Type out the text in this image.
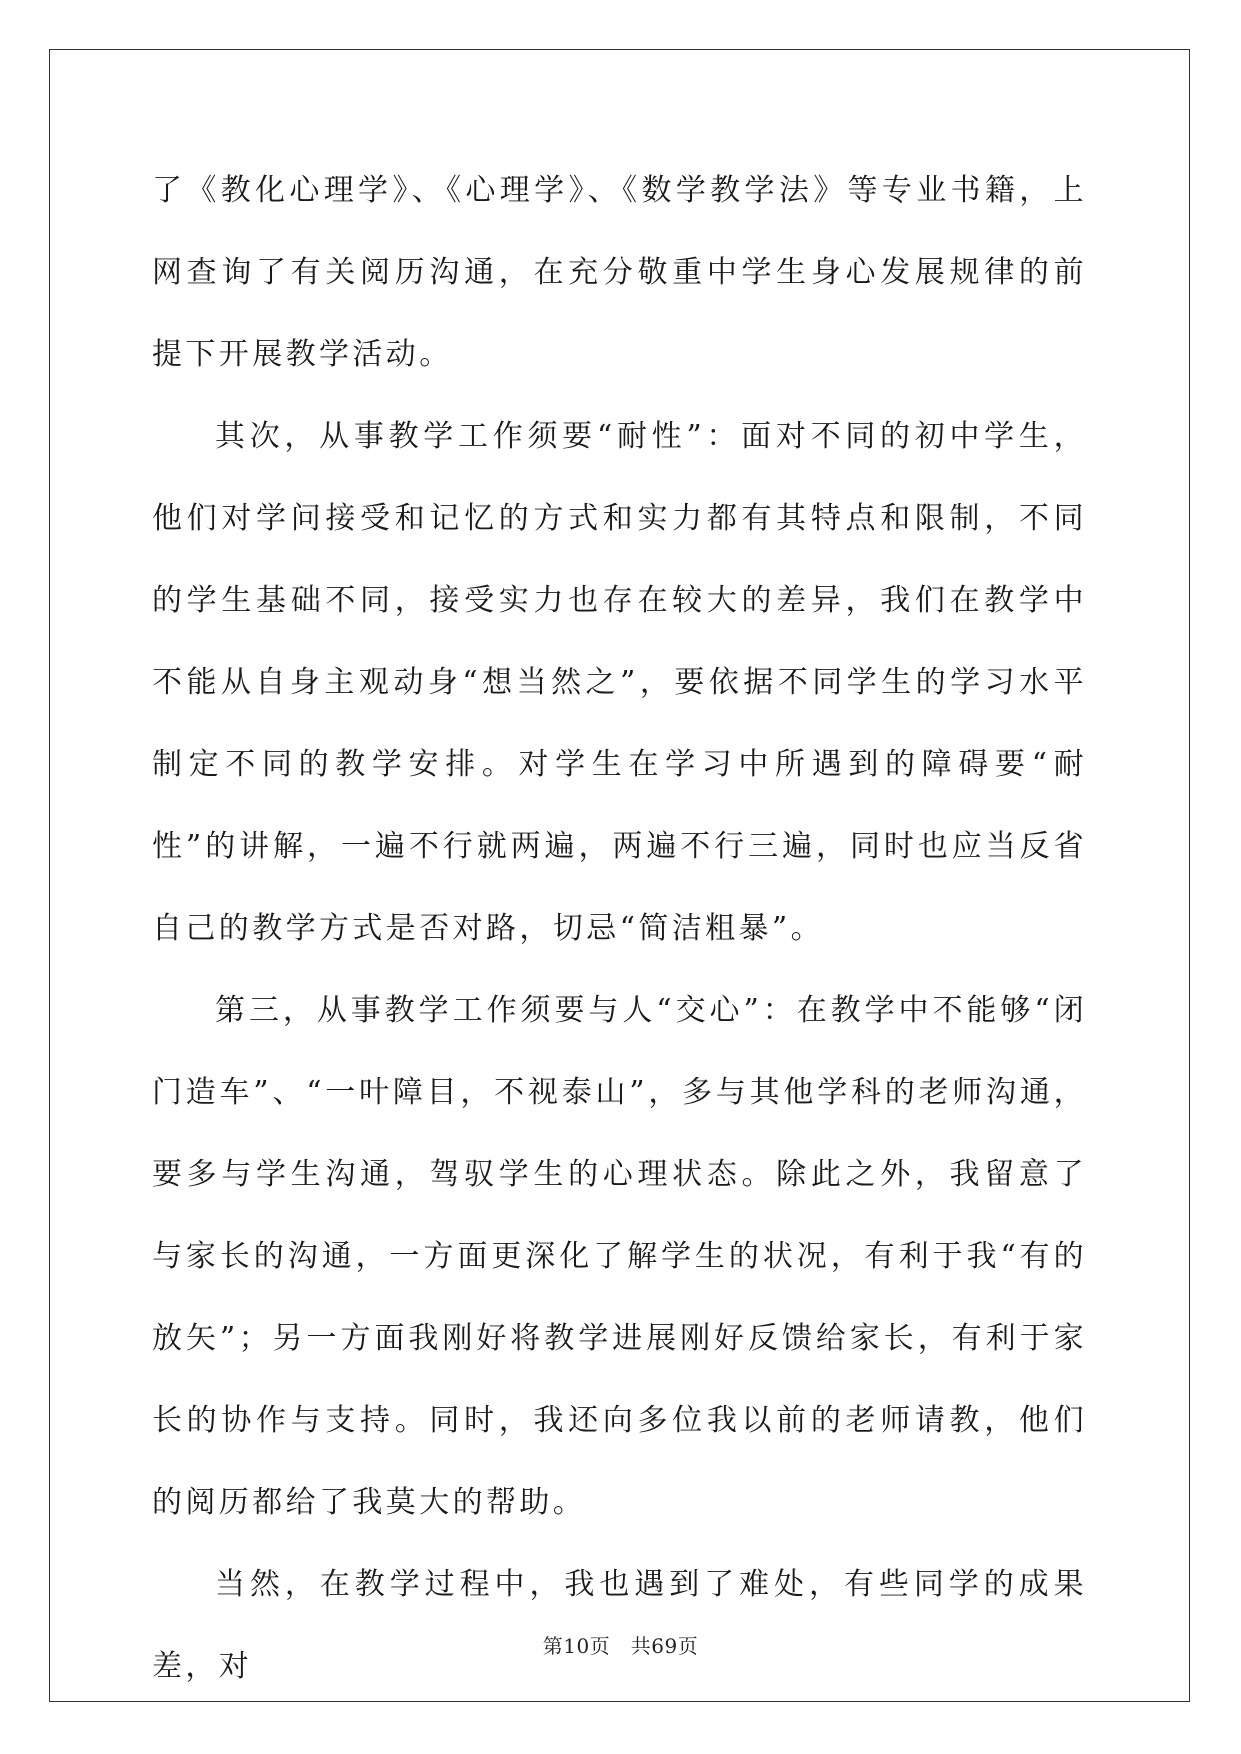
了《教化心理学》、《心理学》、《数学教学法》等专业书籍，上网查询了有关阅历沟通，在充分敬重中学生身心发展规律的前提下开展教学活动。

其次，从事教学工作须要“耐性”：面对不同的初中学生，他们对学问接受和记忆的方式和实力都有其特点和限制，不同的学生基础不同，接受实力也存在较大的差异，我们在教学中不能从自身主观动身“想当然之”，要依据不同学生的学习水平制定不同的教学安排。对学生在学习中所遇到的障碍要“耐性”的讲解，一遍不行就两遍，两遍不行三遍，同时也应当反省自己的教学方式是否对路，切忌“简洁粗暴”。

第三，从事教学工作须要与人“交心”：在教学中不能够“闭门造车”、“一叶障目，不视泰山”，多与其他学科的老师沟通，要多与学生沟通，驾驭学生的心理状态。除此之外，我留意了与家长的沟通，一方面更深化了解学生的状况，有利于我“有的放矢”；另一方面我刚好将教学进展刚好反馈给家长，有利于家长的协作与支持。同时，我还向多位我以前的老师请教，他们的阅历都给了我莫大的帮助。

当然，在教学过程中，我也遇到了难处，有些同学的成果差，对

第10页　共69页
